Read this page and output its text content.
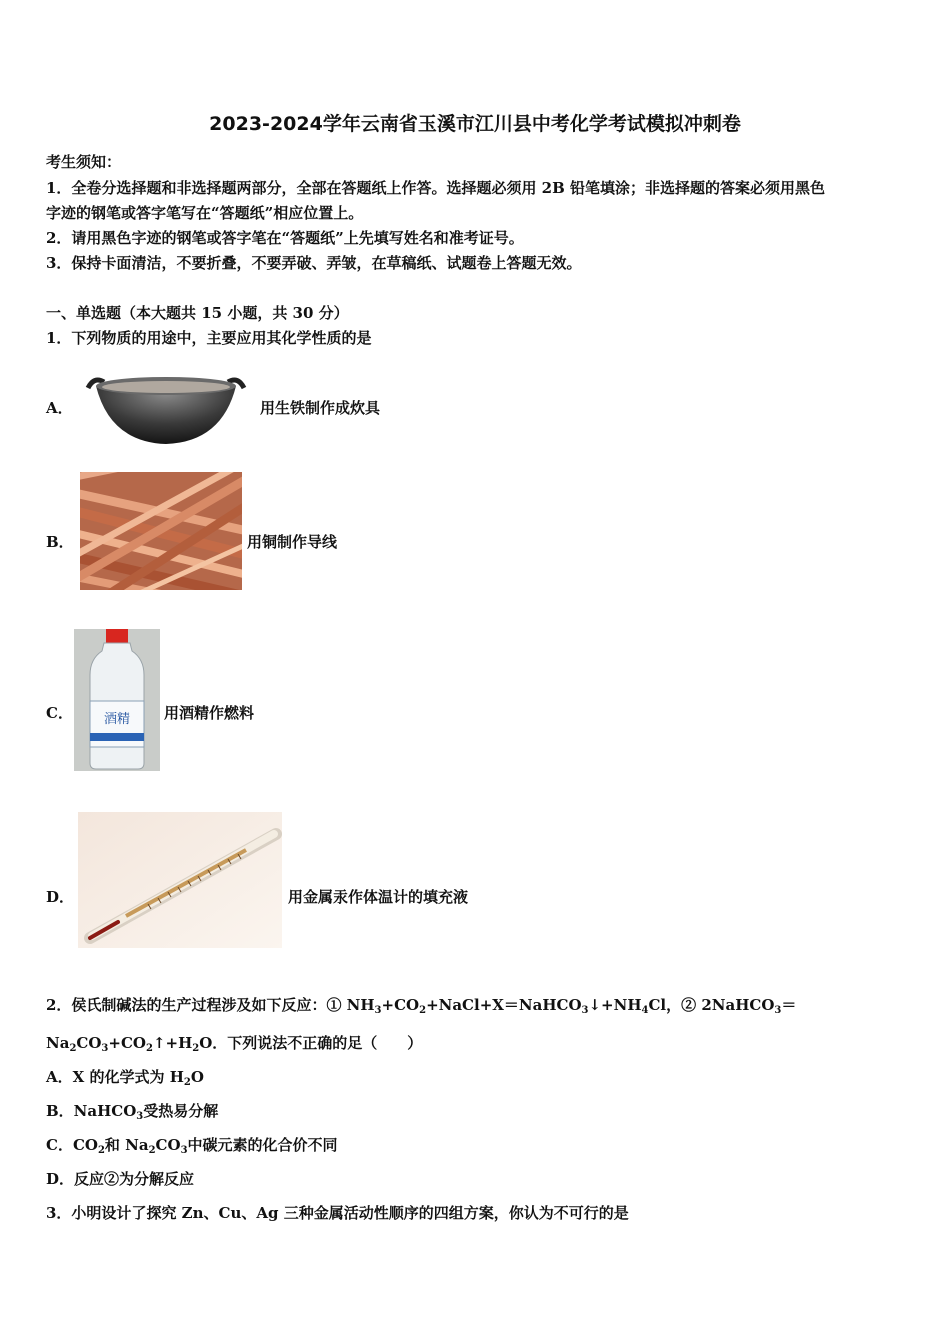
2023-2024学年云南省玉溪市江川县中考化学考试模拟冲刺卷
考生须知：
1．全卷分选择题和非选择题两部分，全部在答题纸上作答。选择题必须用 2B 铅笔填涂；非选择题的答案必须用黑色
字迹的钢笔或答字笔写在“答题纸”相应位置上。
2．请用黑色字迹的钢笔或答字笔在“答题纸”上先填写姓名和准考证号。
3．保持卡面清洁，不要折叠，不要弄破、弄皱，在草稿纸、试题卷上答题无效。
一、单选题（本大题共 15 小题，共 30 分）
1．下列物质的用途中，主要应用其化学性质的是
A．	用生铁制作成炊具
B．	用铜制作导线
C． 酒精 用酒精作燃料
D．	用金属汞作体温计的填充液
2．侯氏制碱法的生产过程涉及如下反应：① $NH_3+CO_2+NaCl+X=NaHCO_3↓+NH_4Cl$，② 2NaHCO$_3$＝
$Na_2CO_3+CO_2↑+H_2O$．下列说法不正确的足（　　）
A．X 的化学式为 $H_2O$
B．NaHCO$_3$受热易分解
C．$CO_2$和 $Na_2CO_3$中碳元素的化合价不同
D．反应②为分解反应
3．小明设计了探究 Zn、Cu、Ag 三种金属活动性顺序的四组方案，你认为不可行的是
